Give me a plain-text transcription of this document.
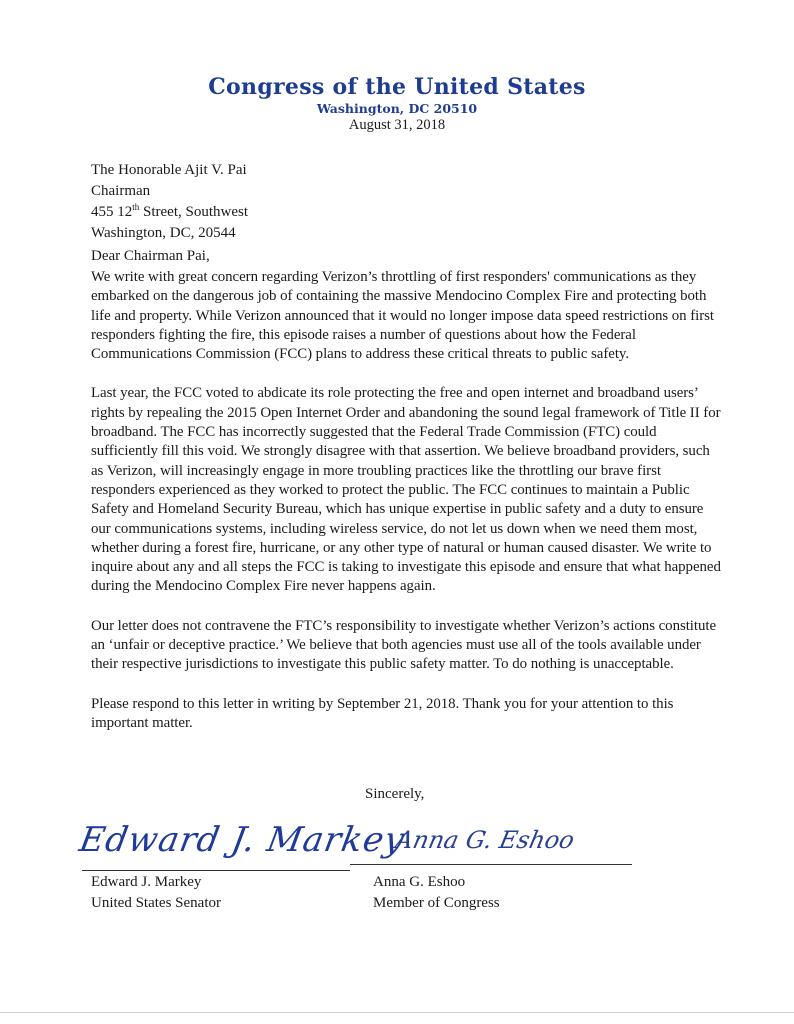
Congress of the United States
Washington, DC 20510
August 31, 2018
The Honorable Ajit V. Pai
Chairman
455 12th Street, Southwest
Washington, DC, 20544
Dear Chairman Pai,

We write with great concern regarding Verizon’s throttling of first responders' communications as they embarked on the dangerous job of containing the massive Mendocino Complex Fire and protecting both life and property. While Verizon announced that it would no longer impose data speed restrictions on first responders fighting the fire, this episode raises a number of questions about how the Federal Communications Commission (FCC) plans to address these critical threats to public safety.

Last year, the FCC voted to abdicate its role protecting the free and open internet and broadband users’ rights by repealing the 2015 Open Internet Order and abandoning the sound legal framework of Title II for broadband. The FCC has incorrectly suggested that the Federal Trade Commission (FTC) could sufficiently fill this void. We strongly disagree with that assertion. We believe broadband providers, such as Verizon, will increasingly engage in more troubling practices like the throttling our brave first responders experienced as they worked to protect the public. The FCC continues to maintain a Public Safety and Homeland Security Bureau, which has unique expertise in public safety and a duty to ensure our communications systems, including wireless service, do not let us down when we need them most, whether during a forest fire, hurricane, or any other type of natural or human caused disaster. We write to inquire about any and all steps the FCC is taking to investigate this episode and ensure that what happened during the Mendocino Complex Fire never happens again.

Our letter does not contravene the FTC’s responsibility to investigate whether Verizon’s actions constitute an ‘unfair or deceptive practice.’ We believe that both agencies must use all of the tools available under their respective jurisdictions to investigate this public safety matter. To do nothing is unacceptable.

Please respond to this letter in writing by September 21, 2018. Thank you for your attention to this important matter.

Sincerely,
Edward J. Markey
Anna G. Eshoo
Edward J. Markey
United States Senator
Anna G. Eshoo
Member of Congress
